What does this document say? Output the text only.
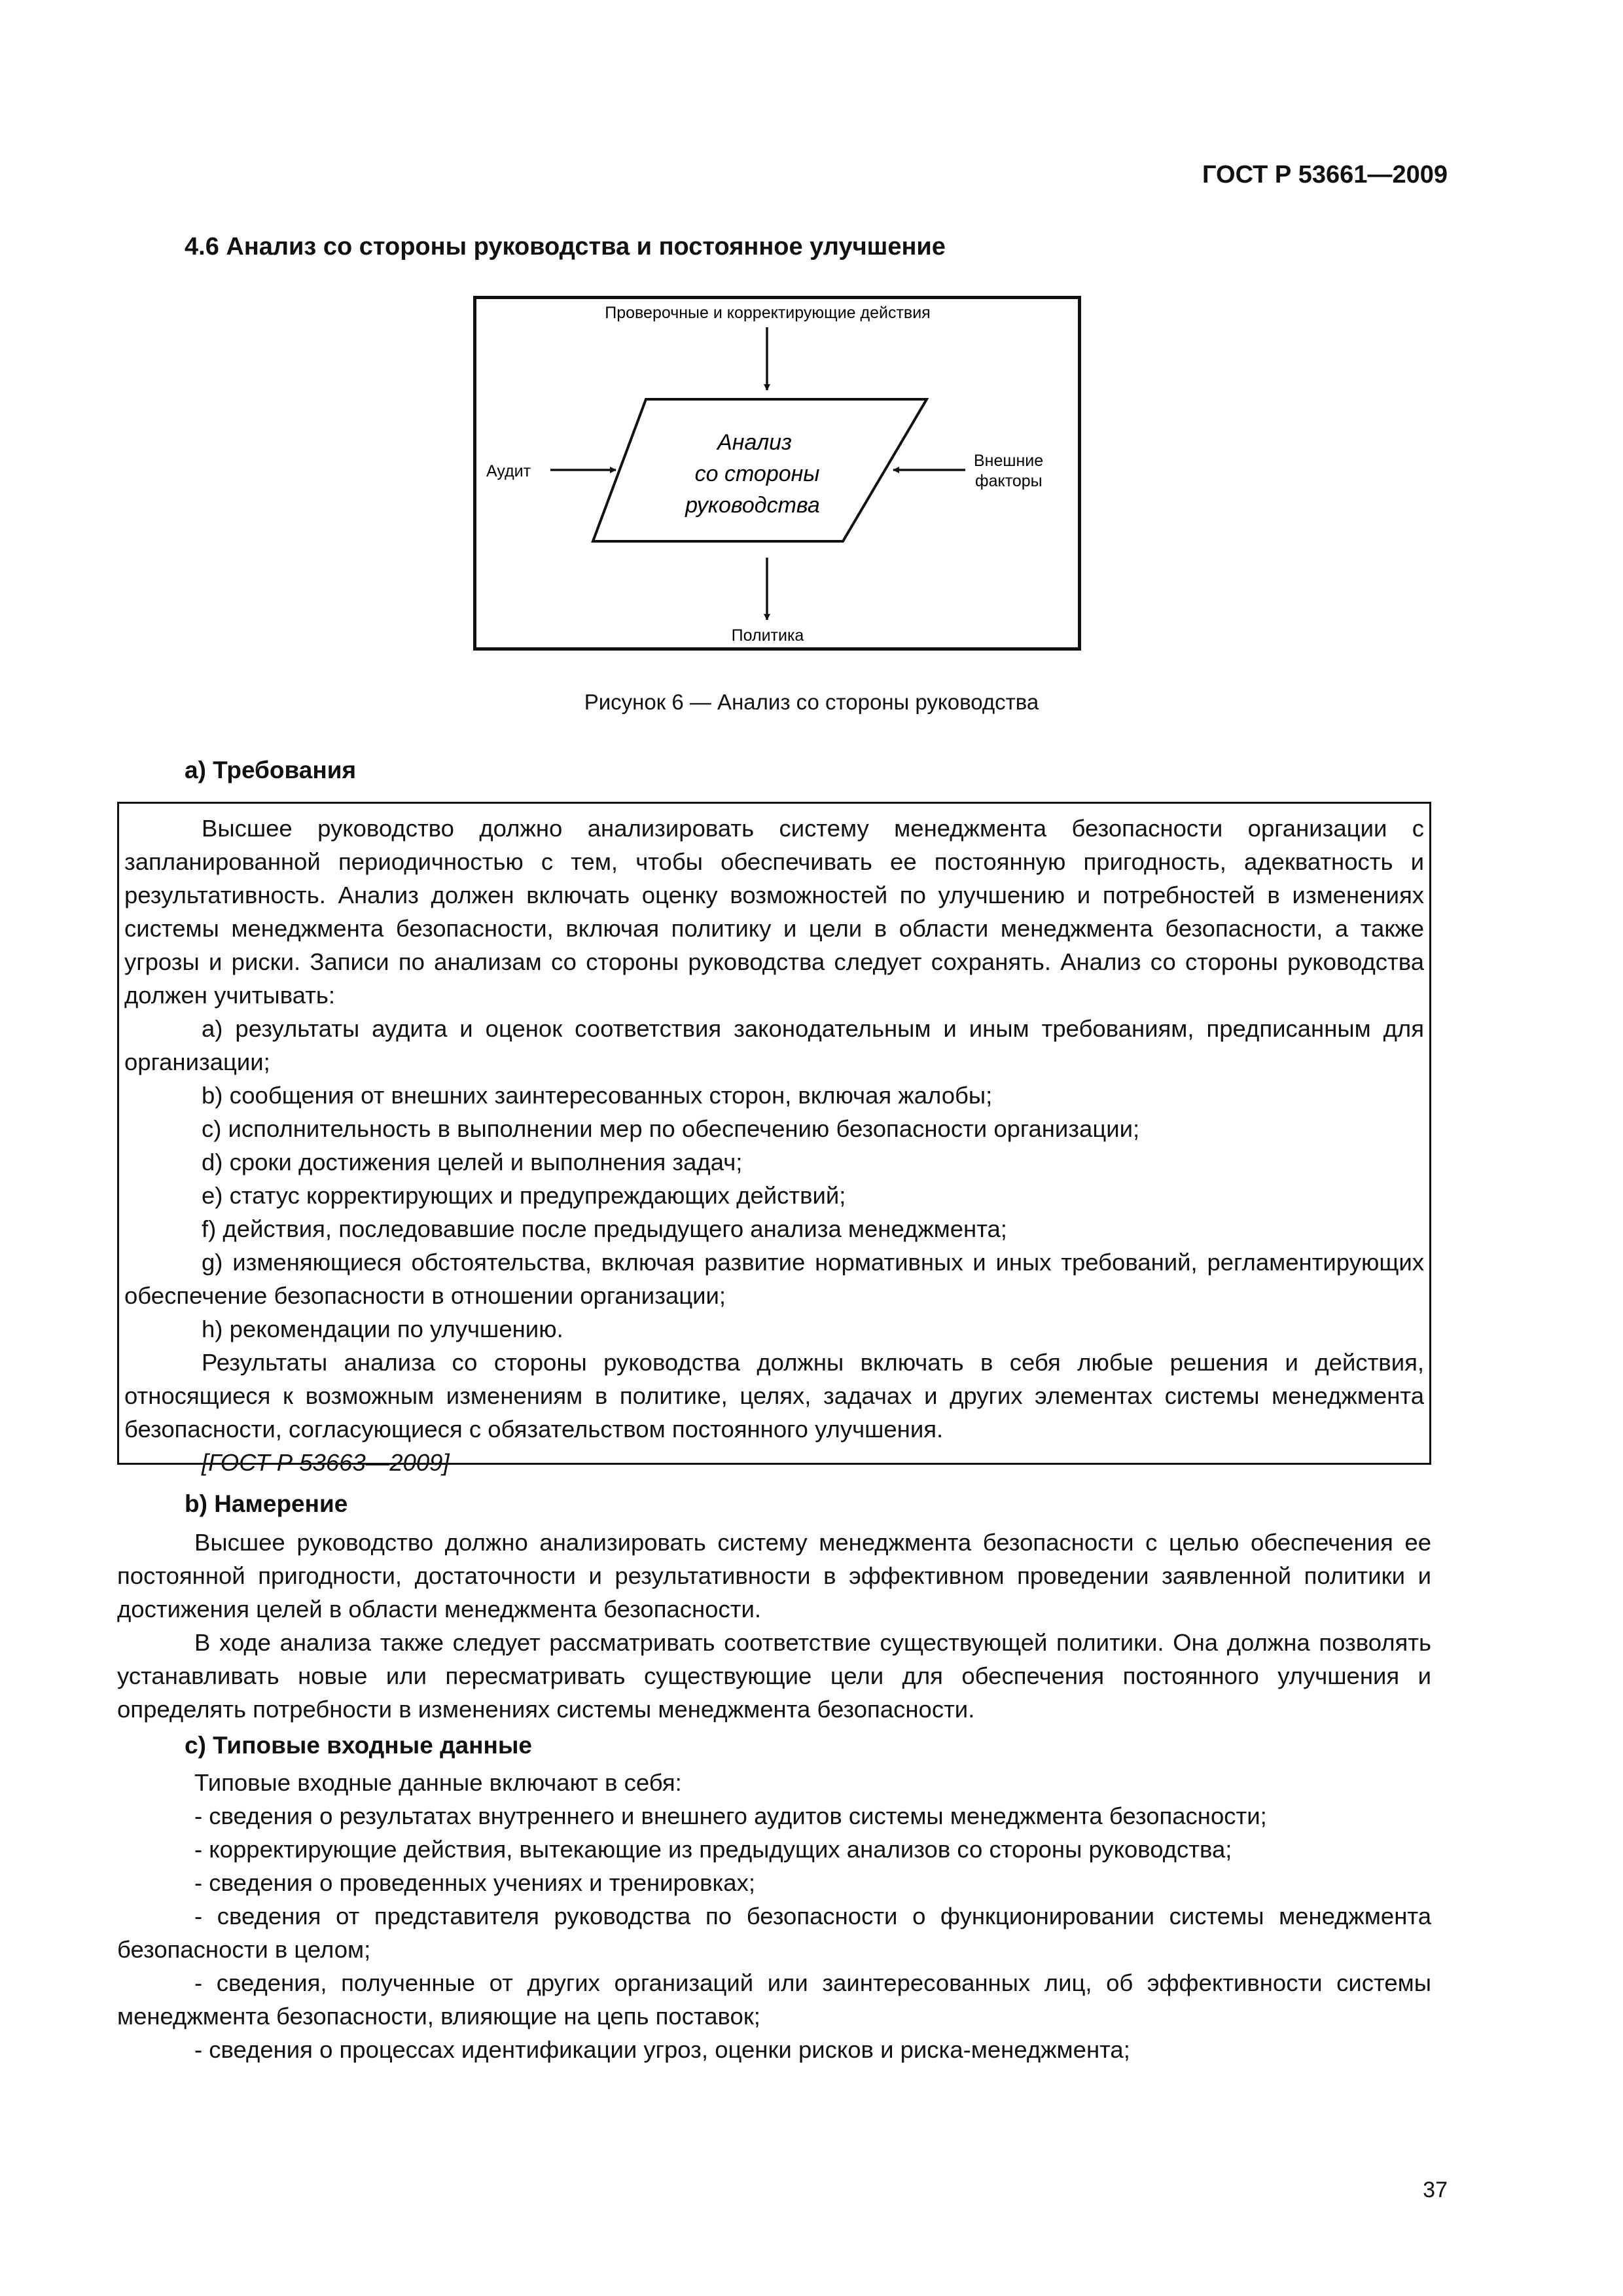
ГОСТ Р 53661—2009
4.6 Анализ со стороны руководства и постоянное улучшение
Проверочные и корректирующие действия
Анализ
со стороны
руководства
Аудит
Внешние
факторы
Политика
Рисунок 6 — Анализ со стороны руководства
a) Требования

Высшее руководство должно анализировать систему менеджмента безопасности организации с запланированной периодичностью с тем, чтобы обеспечивать ее постоянную пригодность, адекватность и результативность. Анализ должен включать оценку возможностей по улучшению и потребностей в изменениях системы менеджмента безопасности, включая политику и цели в области менеджмента безопасности, а также угрозы и риски. Записи по анализам со стороны руководства следует сохранять. Анализ со стороны руководства должен учитывать:

a) результаты аудита и оценок соответствия законодательным и иным требованиям, предписанным для организации;

b) сообщения от внешних заинтересованных сторон, включая жалобы;

c) исполнительность в выполнении мер по обеспечению безопасности организации;

d) сроки достижения целей и выполнения задач;

e) статус корректирующих и предупреждающих действий;

f) действия, последовавшие после предыдущего анализа менеджмента;

g) изменяющиеся обстоятельства, включая развитие нормативных и иных требований, регламентирующих обеспечение безопасности в отношении организации;

h) рекомендации по улучшению.

Результаты анализа со стороны руководства должны включать в себя любые решения и действия, относящиеся к возможным изменениям в политике, целях, задачах и других элементах системы менеджмента безопасности, согласующиеся с обязательством постоянного улучшения.

[ГОСТ Р 53663—2009]

b) Намерение

Высшее руководство должно анализировать систему менеджмента безопасности с целью обеспечения ее постоянной пригодности, достаточности и результативности в эффективном проведении заявленной политики и достижения целей в области менеджмента безопасности.

В ходе анализа также следует рассматривать соответствие существующей политики. Она должна позволять устанавливать новые или пересматривать существующие цели для обеспечения постоянного улучшения и определять потребности в изменениях системы менеджмента безопасности.

c) Типовые входные данные

Типовые входные данные включают в себя:

- сведения о результатах внутреннего и внешнего аудитов системы менеджмента безопасности;

- корректирующие действия, вытекающие из предыдущих анализов со стороны руководства;

- сведения о проведенных учениях и тренировках;

- сведения от представителя руководства по безопасности о функционировании системы менеджмента безопасности в целом;

- сведения, полученные от других организаций или заинтересованных лиц, об эффективности системы менеджмента безопасности, влияющие на цепь поставок;

- сведения о процессах идентификации угроз, оценки рисков и риска-менеджмента;

37
